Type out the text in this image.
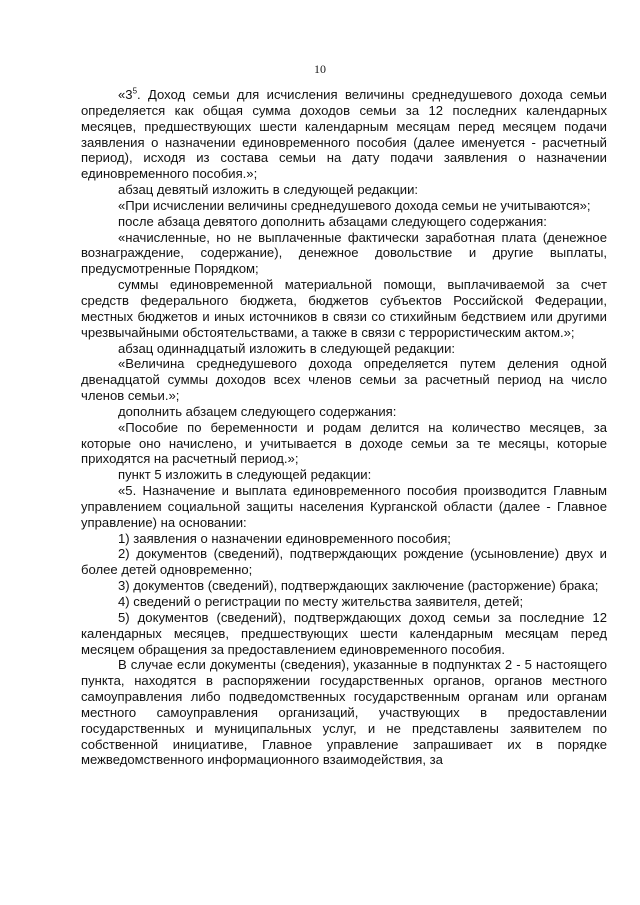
10

«$3^5$. Доход семьи для исчисления величины среднедушевого дохода семьи определяется как общая сумма доходов семьи за 12 последних календарных месяцев, предшествующих шести календарным месяцам перед месяцем подачи заявления о назначении единовременного пособия (далее именуется - расчетный период), исходя из состава семьи на дату подачи заявления о назначении единовременного пособия.»;

абзац девятый изложить в следующей редакции:

«При исчислении величины среднедушевого дохода семьи не учитываются»;

после абзаца девятого дополнить абзацами следующего содержания:

«начисленные, но не выплаченные фактически заработная плата (денежное вознаграждение, содержание), денежное довольствие и другие выплаты, предусмотренные Порядком;

суммы единовременной материальной помощи, выплачиваемой за счет средств федерального бюджета, бюджетов субъектов Российской Федерации, местных бюджетов и иных источников в связи со стихийным бедствием или другими чрезвычайными обстоятельствами, а также в связи с террористическим актом.»;

абзац одиннадцатый изложить в следующей редакции:

«Величина среднедушевого дохода определяется путем деления одной двенадцатой суммы доходов всех членов семьи за расчетный период на число членов семьи.»;

дополнить абзацем следующего содержания:

«Пособие по беременности и родам делится на количество месяцев, за которые оно начислено, и учитывается в доходе семьи за те месяцы, которые приходятся на расчетный период.»;

пункт 5 изложить в следующей редакции:

«5. Назначение и выплата единовременного пособия производится Главным управлением социальной защиты населения Курганской области (далее - Главное управление) на основании:

1) заявления о назначении единовременного пособия;

2) документов (сведений), подтверждающих рождение (усыновление) двух и более детей одновременно;

3) документов (сведений), подтверждающих заключение (расторжение) брака;

4) сведений о регистрации по месту жительства заявителя, детей;

5) документов (сведений), подтверждающих доход семьи за последние 12 календарных месяцев, предшествующих шести календарным месяцам перед месяцем обращения за предоставлением единовременного пособия.

В случае если документы (сведения), указанные в подпунктах 2 - 5 настоящего пункта, находятся в распоряжении государственных органов, органов местного самоуправления либо подведомственных государственным органам или органам местного самоуправления организаций, участвующих в предоставлении государственных и муниципальных услуг, и не представлены заявителем по собственной инициативе, Главное управление запрашивает их в порядке межведомственного информационного взаимодействия, за
